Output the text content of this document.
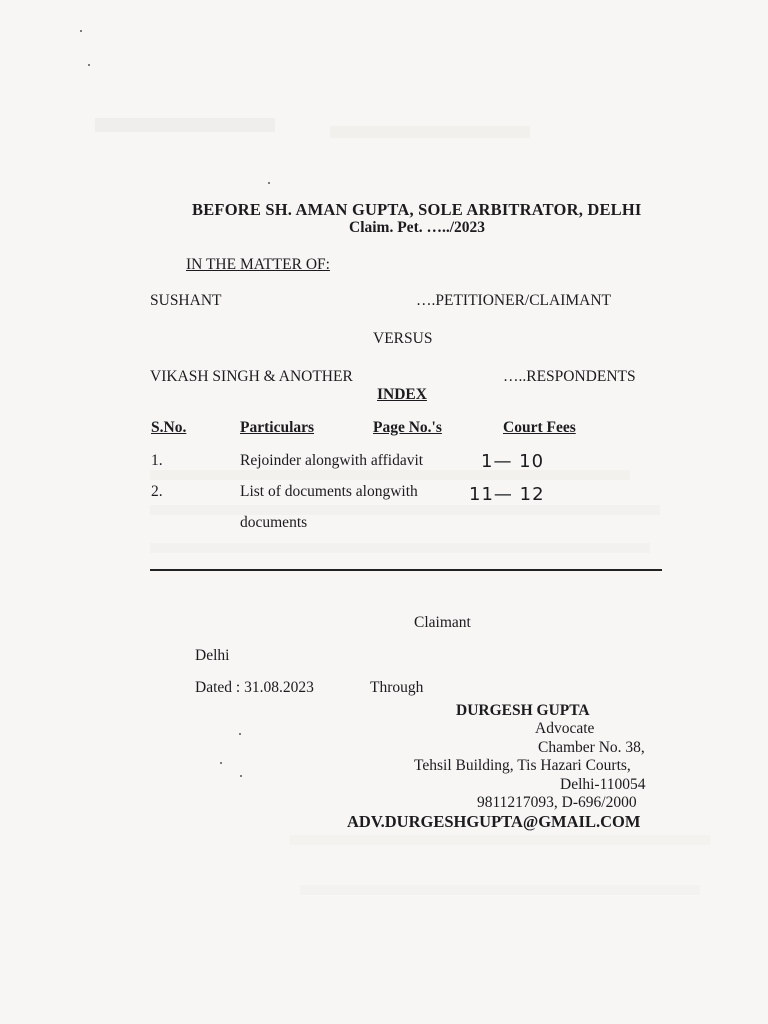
BEFORE SH. AMAN GUPTA, SOLE ARBITRATOR, DELHI
Claim. Pet. …../2023
IN THE MATTER OF:
SUSHANT	….PETITIONER/CLAIMANT
VERSUS
VIKASH SINGH & ANOTHER	…..RESPONDENTS
INDEX
S.No.	Particulars	Page No.'s	Court Fees
1.	Rejoinder alongwith affidavit	1— 10
2.	List of documents alongwith	11— 12
documents
Claimant
Delhi
Dated : 31.08.2023	Through
DURGESH GUPTA
Advocate
Chamber No. 38,
Tehsil Building, Tis Hazari Courts,
Delhi-110054
9811217093, D-696/2000
ADV.DURGESHGUPTA@GMAIL.COM
